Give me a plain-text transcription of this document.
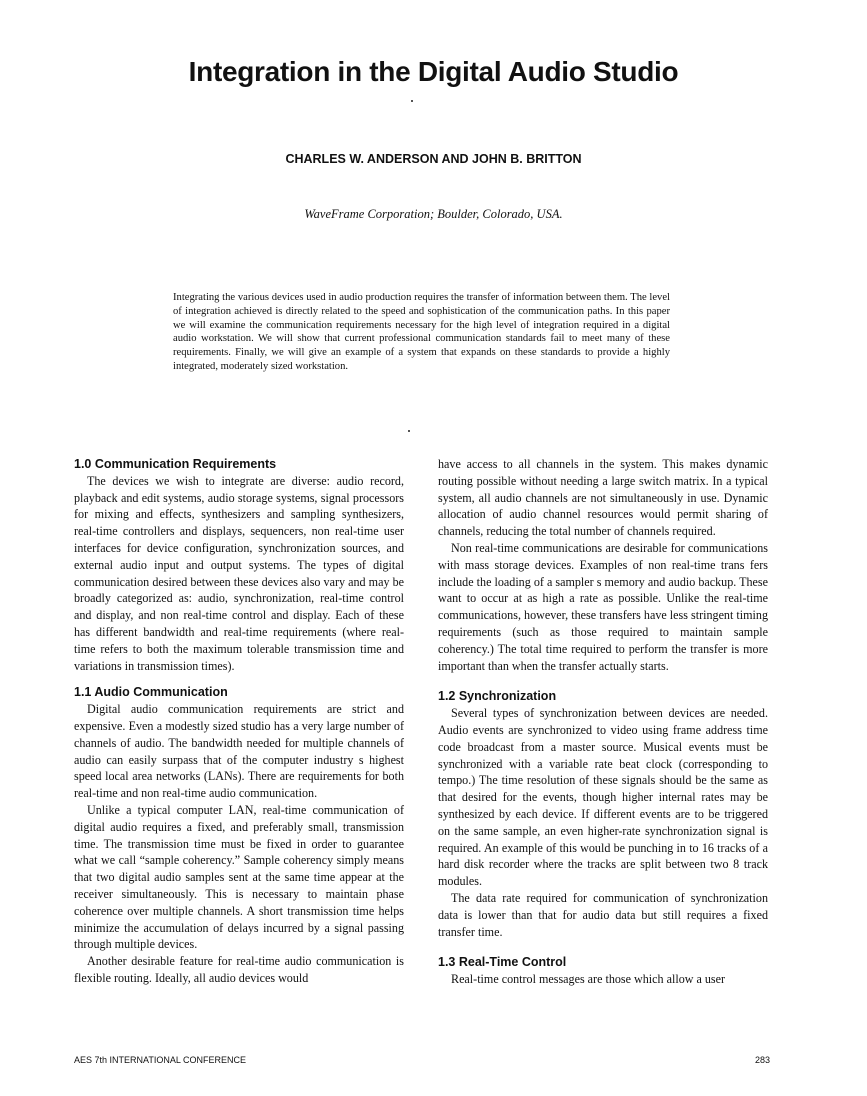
Integration in the Digital Audio Studio
CHARLES W. ANDERSON AND JOHN B. BRITTON
WaveFrame Corporation; Boulder, Colorado, USA.

Integrating the various devices used in audio production requires the transfer of information between them. The level of integration achieved is directly related to the speed and sophistication of the communication paths. In this paper we will examine the communication requirements necessary for the high level of integration required in a digital audio workstation. We will show that current professional communication standards fail to meet many of these requirements. Finally, we will give an example of a system that expands on these standards to provide a highly integrated, moderately sized workstation.

1.0 Communication Requirements

The devices we wish to integrate are diverse: audio record, playback and edit systems, audio storage systems, signal processors for mixing and effects, synthesizers and sampling synthesizers, real-time controllers and displays, sequencers, non real-time user interfaces for device configuration, synchronization sources, and external audio input and output systems. The types of digital communication desired between these devices also vary and may be broadly categorized as: audio, synchronization, real-time control and display, and non real-time control and display. Each of these has different bandwidth and real-time requirements (where real-time refers to both the maximum tolerable transmission time and variations in transmission times).

1.1 Audio Communication

Digital audio communication requirements are strict and expensive. Even a modestly sized studio has a very large number of channels of audio. The bandwidth needed for multiple channels of audio can easily surpass that of the computer industry s highest speed local area networks (LANs). There are requirements for both real-time and non real-time audio communication.

Unlike a typical computer LAN, real-time communication of digital audio requires a fixed, and preferably small, transmission time. The transmission time must be fixed in order to guarantee what we call “sample coherency.” Sample coherency simply means that two digital audio samples sent at the same time appear at the receiver simultaneously. This is necessary to maintain phase coherence over multiple channels. A short transmission time helps minimize the accumulation of delays incurred by a signal passing through multiple devices.

Another desirable feature for real-time audio communication is flexible routing. Ideally, all audio devices would

have access to all channels in the system. This makes dynamic routing possible without needing a large switch matrix. In a typical system, all audio channels are not simultaneously in use. Dynamic allocation of audio channel resources would permit sharing of channels, reducing the total number of channels required.

Non real-time communications are desirable for communications with mass storage devices. Examples of non real-time trans fers include the loading of a sampler s memory and audio backup. These want to occur at as high a rate as possible. Unlike the real-time communications, however, these transfers have less stringent timing requirements (such as those required to maintain sample coherency.) The total time required to perform the transfer is more important than when the transfer actually starts.

1.2 Synchronization

Several types of synchronization between devices are needed. Audio events are synchronized to video using frame address time code broadcast from a master source. Musical events must be synchronized with a variable rate beat clock (corresponding to tempo.) The time resolution of these signals should be the same as that desired for the events, though higher internal rates may be synthesized by each device. If different events are to be triggered on the same sample, an even higher-rate synchronization signal is required. An example of this would be punching in to 16 tracks of a hard disk recorder where the tracks are split between two 8 track modules.

The data rate required for communication of synchronization data is lower than that for audio data but still requires a fixed transfer time.

1.3 Real-Time Control

Real-time control messages are those which allow a user

AES 7th INTERNATIONAL CONFERENCE	283
